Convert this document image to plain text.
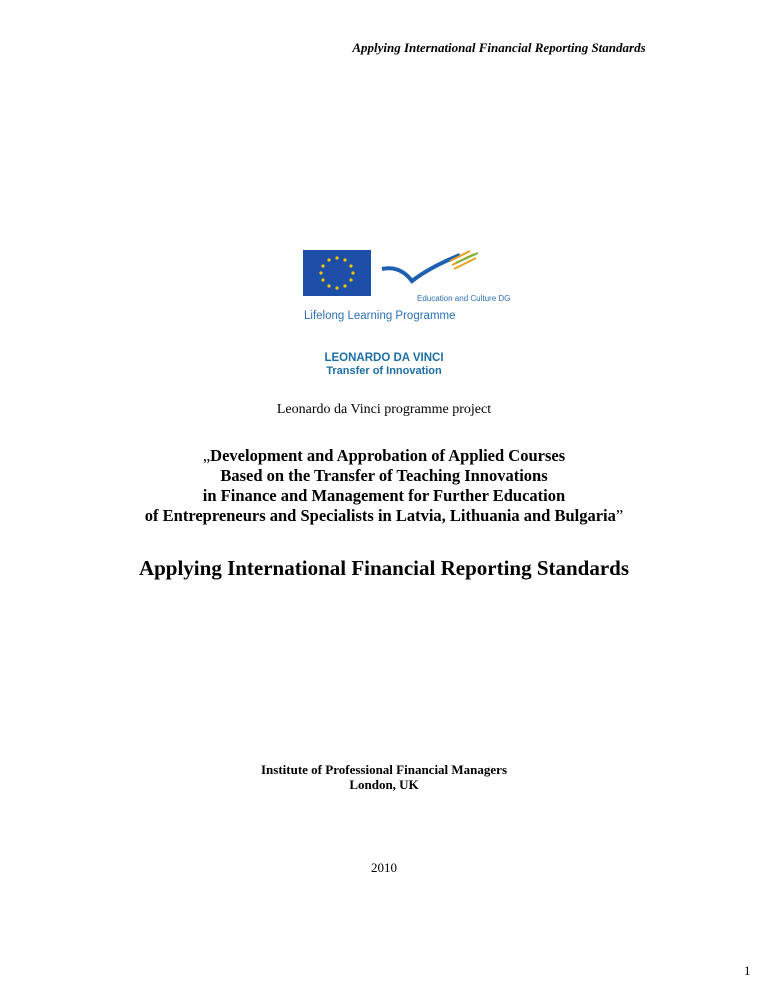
Applying International Financial Reporting Standards
Education and Culture DG
Lifelong Learning Programme
LEONARDO DA VINCI
Transfer of Innovation
Leonardo da Vinci programme project
„Development and Approbation of Applied Courses
Based on the Transfer of Teaching Innovations
in Finance and Management for Further Education
of Entrepreneurs and Specialists in Latvia, Lithuania and Bulgaria”
Applying International Financial Reporting Standards
Institute of Professional Financial Managers
London, UK
2010
1
